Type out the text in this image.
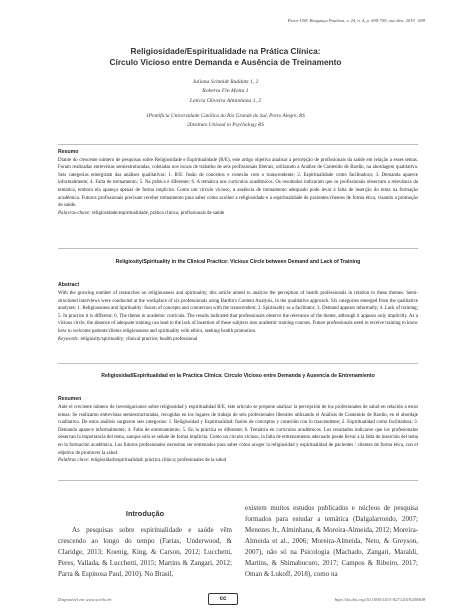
Psico-USF, Bragança Paulista, v. 24, n. 4, p. 699-709, out./dez. 2019 699
Religiosidade/Espiritualidade na Prática Clínica:
Círculo Vicioso entre Demanda e Ausência de Treinamento
Juliana Schmidt Raddatz 1, 2
Roberta Fin Motta 1
Letícia Oliveira Alminhana 1, 2
1Pontifícia Universidade Católica do Rio Grande do Sul, Porto Alegre, RS
2Instituto Unisoul in Psychology RS

Resumo

Diante do crescente número de pesquisas sobre Religiosidade e Espiritualidade (R/E), este artigo objetiva analisar a percepção de profissionais da saúde em relação a esses temas. Foram realizadas entrevistas semiestruturadas, coletadas nos locais de trabalho de seis profissionais liberais, utilizando a Análise de Conteúdo de Bardin, na abordagem qualitativa. Seis categorias emergiram das análises qualitativas: 1. R/E: fusão de conceitos e conexão com o transcendente; 2. Espiritualidade como facilitadora; 3. Demanda aparece informalmente; 4. Falta de treinamento; 5. Na prática é diferente; 6. A temática nos currículos acadêmicos. Os resultados indicaram que os profissionais observam a relevância da temática, embora ela apareça apenas de forma implícita. Como um círculo vicioso, a ausência de treinamento adequado pode levar à falta de inserção do tema na formação acadêmica. Futuros profissionais precisam receber treinamento para saber como acolher a religiosidade e a espiritualidade de pacientes/clientes de forma ética, visando a promoção de saúde.

Palavras-chave: religiosidade/espiritualidade, prática clínica, profissionais de saúde

Religiosity/Spirituality in the Clinical Practice: Vicious Circle between Demand and Lack of Training

Abstract

With the growing number of researches on religiousness and spirituality, this article aimed to analyze the perception of health professionals in relation to these themes. Semi-structured interviews were conducted at the workplace of six professionals using Bardin's Content Analysis, in the qualitative approach. Six categories emerged from the qualitative analyses: 1. Religiousness and Spirituality: fusion of concepts and connection with the transcendent; 2. Spirituality as a facilitator; 3. Demand appears informally; 4. Lack of training; 5. In practice it is different; 6. The theme in academic curricula. The results indicated that professionals observe the relevance of the theme, although it appears only implicitly. As a vicious circle, the absence of adequate training can lead to the lack of insertion of these subjects into academic training courses. Future professionals need to receive training to know how to welcome patients/clients religiousness and spirituality with ethics, seeking health promotion.

Keywords: religiosity/spirituality; clinical practice; health professional

Religiosidad/Espiritualidad en la Practica Clínica: Círculo Vicioso entre Demanda y Ausencia de Entrenamiento

Resumen

Ante el creciente número de investigaciones sobre religiosidad y espiritualidad R/E, este artículo se propone analizar la percepción de los profesionales de salud en relación a estos temas. Se realizaron entrevistas semiestructuradas, recogidas en los lugares de trabajo de seis profesionales liberales utilizando el Análisis de Contenido de Bardin, en el abordaje cualitativo. De estos análisis surgieron seis categorías: 1. Religiosidad y Espiritualidad: fusión de conceptos y conexión con lo trascendente; 2. Espiritualidad como facilitadora; 3. Demanda aparece informalmente; 4. Falta de entrenamiento; 5. En la práctica es diferente; 6. Temática en currículos académicos. Los resultados indicaron que los profesionales observan la importancia del tema, aunque sólo se señale de forma implícita. Como un círculo vicioso, la falta de entrenamiento adecuado puede llevar a la falta de inserción del tema en la formación académica. Los futuros profesionales necesitan ser entrenados para saber cómo acoger la religiosidad y espiritualidad de pacientes / clientes de forma ética, con el objetivo de promover la salud.

Palabras clave: religiosidad/espiritualidad; práctica clínica; profesionales de la salud

Introdução
As pesquisas sobre espiritualidade e saúde vêm crescendo ao longo do tempo (Farias, Underwood, & Claridge, 2013; Koenig, King, & Carson, 2012; Lucchetti, Peres, Vallada, & Lucchetti, 2015; Martins & Zangari, 2012; Parra & Espinosa Paul, 2010). No Brasil,
existem muitos estudos publicados e núcleos de pesquisa formados para estudar a temática (Dalgalarrondo, 2007; Menezes Jr., Alminhana, & Moreira-Almeida, 2012; Moreira-Almeida et al., 2006; Moreira-Almeida, Neto, & Greyson, 2007), não só na Psicologia (Machado, Zangari, Maraldi, Martins, & Shimabucuro, 2017; Campos & Ribeiro, 2017; Oman & Lukoff, 2018), como na
Disponível em www.scielo.br	cc	http://dx.doi.org/10.1590/1413-82712019240408
